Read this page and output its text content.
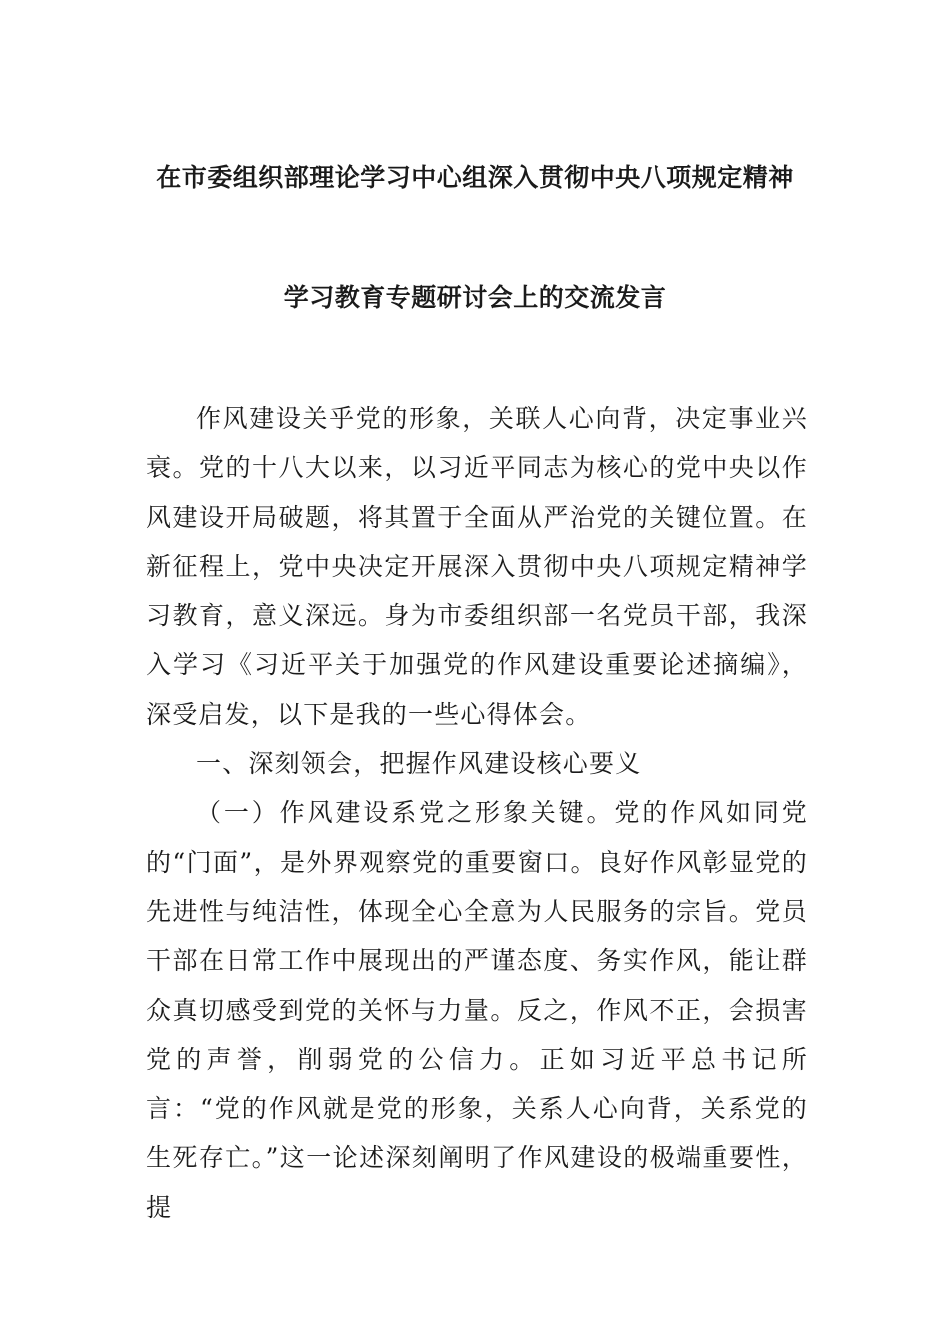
在市委组织部理论学习中心组深入贯彻中央八项规定精神
学习教育专题研讨会上的交流发言

作风建设关乎党的形象，关联人心向背，决定事业兴衰。党的十八大以来，以习近平同志为核心的党中央以作风建设开局破题，将其置于全面从严治党的关键位置。在新征程上，党中央决定开展深入贯彻中央八项规定精神学习教育，意义深远。身为市委组织部一名党员干部，我深入学习《习近平关于加强党的作风建设重要论述摘编》，深受启发，以下是我的一些心得体会。

一、深刻领会，把握作风建设核心要义

（一）作风建设系党之形象关键。党的作风如同党的“门面”，是外界观察党的重要窗口。良好作风彰显党的先进性与纯洁性，体现全心全意为人民服务的宗旨。党员干部在日常工作中展现出的严谨态度、务实作风，能让群众真切感受到党的关怀与力量。反之，作风不正，会损害党的声誉，削弱党的公信力。正如习近平总书记所言：“党的作风就是党的形象，关系人心向背，关系党的生死存亡。”这一论述深刻阐明了作风建设的极端重要性，提
